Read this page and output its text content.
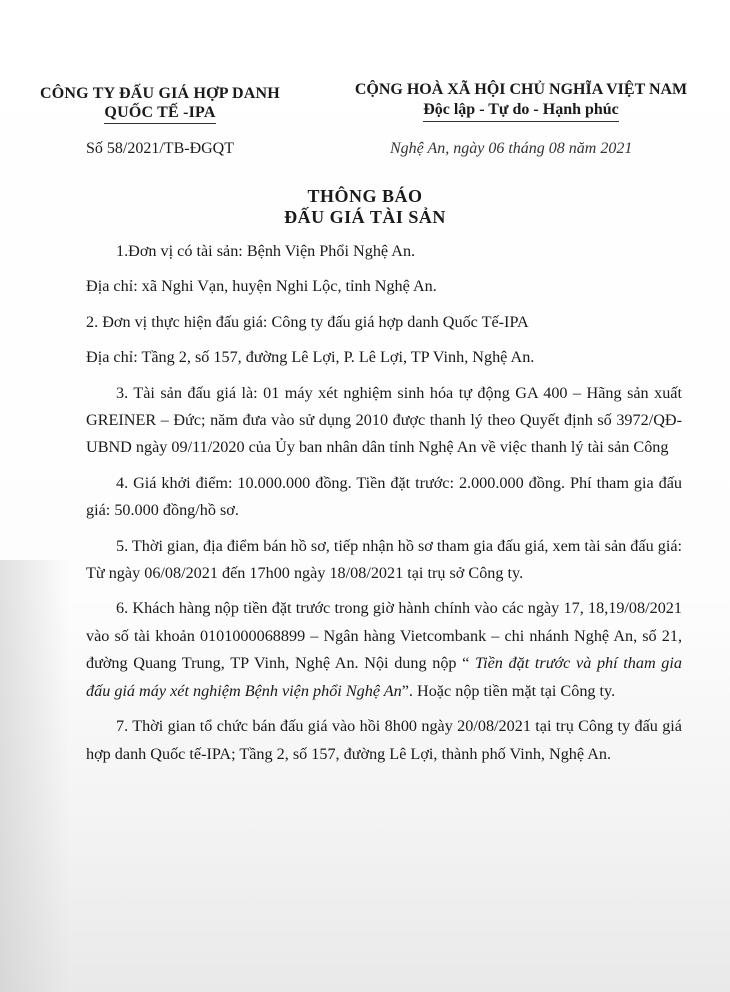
CÔNG TY ĐẤU GIÁ HỢP DANH
QUỐC TẾ -IPA
Số 58/2021/TB-ĐGQT
CỘNG HOÀ XÃ HỘI CHỦ NGHĨA VIỆT NAM
Độc lập - Tự do - Hạnh phúc
Nghệ An, ngày 06 tháng 08 năm 2021
THÔNG BÁO
ĐẤU GIÁ TÀI SẢN

1.Đơn vị có tài sản: Bệnh Viện Phổi Nghệ An.

Địa chỉ: xã Nghi Vạn, huyện Nghi Lộc, tỉnh Nghệ An.

2. Đơn vị thực hiện đấu giá: Công ty đấu giá hợp danh Quốc Tế-IPA

Địa chỉ: Tầng 2, số 157, đường Lê Lợi, P. Lê Lợi, TP Vinh, Nghệ An.

3. Tài sản đấu giá là: 01 máy xét nghiệm sinh hóa tự động GA 400 – Hãng sản xuất GREINER – Đức; năm đưa vào sử dụng 2010 được thanh lý theo Quyết định số 3972/QĐ-UBND ngày 09/11/2020 của Ủy ban nhân dân tỉnh Nghệ An về việc thanh lý tài sản Công

4. Giá khởi điểm: 10.000.000 đồng. Tiền đặt trước: 2.000.000 đồng. Phí tham gia đấu giá: 50.000 đồng/hồ sơ.

5. Thời gian, địa điểm bán hồ sơ, tiếp nhận hồ sơ tham gia đấu giá, xem tài sản đấu giá: Từ ngày 06/08/2021 đến 17h00 ngày 18/08/2021 tại trụ sở Công ty.

6. Khách hàng nộp tiền đặt trước trong giờ hành chính vào các ngày 17, 18,19/08/2021 vào số tài khoản 0101000068899 – Ngân hàng Vietcombank – chi nhánh Nghệ An, số 21, đường Quang Trung, TP Vinh, Nghệ An. Nội dung nộp “ Tiền đặt trước và phí tham gia đấu giá máy xét nghiệm Bệnh viện phổi Nghệ An”. Hoặc nộp tiền mặt tại Công ty.

7. Thời gian tổ chức bán đấu giá vào hồi 8h00 ngày 20/08/2021 tại trụ Công ty đấu giá hợp danh Quốc tế-IPA; Tầng 2, số 157, đường Lê Lợi, thành phố Vinh, Nghệ An.
